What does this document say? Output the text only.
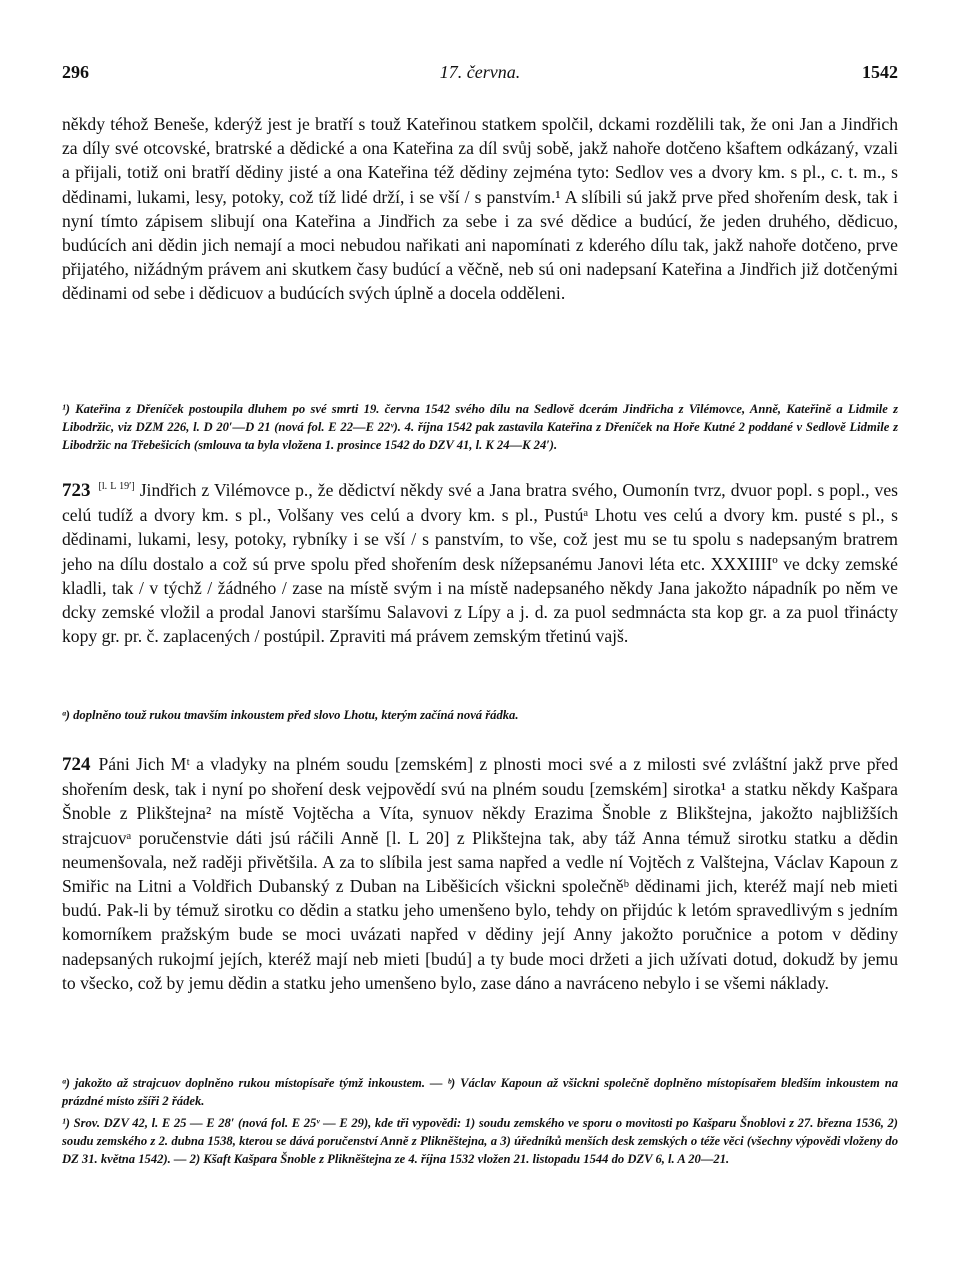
296	17. června.	1542

někdy téhož Beneše, kderýž jest je bratří s touž Kateřinou statkem spolčil, dckami rozdělili tak, že oni Jan a Jindřich za díly své otcovské, bratrské a dědické a ona Kateřina za díl svůj sobě, jakž nahoře dotčeno kšaftem odkázaný, vzali a přijali, totiž oni bratří dědiny jisté a ona Kateřina též dědiny zejména tyto: Sedlov ves a dvory km. s pl., c. t. m., s dědinami, lukami, lesy, potoky, což tíž lidé drží, i se vší / s panstvím.¹ A slíbili sú jakž prve před shořením desk, tak i nyní tímto zápisem slibují ona Kateřina a Jindřich za sebe i za své dědice a budúcí, že jeden druhého, dědicuo, budúcích ani dědin jich nemají a moci nebudou nařikati ani napomínati z kderého dílu tak, jakž nahoře dotčeno, prve přijatého, nižádným právem ani skutkem časy budúcí a věčně, neb sú oni nadepsaní Kateřina a Jindřich již dotčenými dědinami od sebe i dědicuov a budúcích svých úplně a docela odděleni.

¹) Kateřina z Dřeníček postoupila dluhem po své smrti 19. června 1542 svého dílu na Sedlově dcerám Jindřicha z Vilémovce, Anně, Kateřině a Lidmile z Libodržic, viz DZM 226, l. D 20′—D 21 (nová fol. E 22—E 22ᵛ). 4. října 1542 pak zastavila Kateřina z Dřeníček na Hoře Kutné 2 poddané v Sedlově Lidmile z Libodržic na Třebešicích (smlouva ta byla vložena 1. prosince 1542 do DZV 41, l. K 24—K 24′).

723 [l. L 19′] Jindřich z Vilémovce p., že dědictví někdy své a Jana bratra svého, Oumonín tvrz, dvuor popl. s popl., ves celú tudíž a dvory km. s pl., Volšany ves celú a dvory km. s pl., Pustúᵃ Lhotu ves celú a dvory km. pusté s pl., s dědinami, lukami, lesy, potoky, rybníky i se vší / s panstvím, to vše, což jest mu se tu spolu s nadepsaným bratrem jeho na dílu dostalo a což sú prve spolu před shořením desk nížepsanému Janovi léta etc. XXXIIIIº ve dcky zemské kladli, tak / v týchž / žádného / zase na místě svým i na místě nadepsaného někdy Jana jakožto nápadník po něm ve dcky zemské vložil a prodal Janovi staršímu Salavovi z Lípy a j. d. za puol sedmnácta sta kop gr. a za puol třinácty kopy gr. pr. č. zaplacených / postúpil. Zpraviti má právem zemským třetinú vajš.

ᵃ) doplněno touž rukou tmavším inkoustem před slovo Lhotu, kterým začíná nová řádka.

724 Páni Jich Mᵗ a vladyky na plném soudu [zemském] z plnosti moci své a z milosti své zvláštní jakž prve před shořením desk, tak i nyní po shoření desk vejpovědí svú na plném soudu [zemském] sirotka¹ a statku někdy Kašpara Šnoble z Plikštejna² na místě Vojtěcha a Víta, synuov někdy Erazima Šnoble z Blikštejna, jakožto najbližších strajcuovᵃ poručenstvie dáti jsú ráčili Anně [l. L 20] z Plikštejna tak, aby táž Anna témuž sirotku statku a dědin neumenšovala, než raději přivětšila. A za to slíbila jest sama napřed a vedle ní Vojtěch z Valštejna, Václav Kapoun z Smiřic na Litni a Voldřich Dubanský z Duban na Liběšicích všickni společněᵇ dědinami jich, kteréž mají neb mieti budú. Pak-li by témuž sirotku co dědin a statku jeho umenšeno bylo, tehdy on přijdúc k letóm spravedlivým s jedním komorníkem pražským bude se moci uvázati napřed v dědiny její Anny jakožto poručnice a potom v dědiny nadepsaných rukojmí jejích, kteréž mají neb mieti [budú] a ty bude moci držeti a jich užívati dotud, dokudž by jemu to všecko, což by jemu dědin a statku jeho umenšeno bylo, zase dáno a navráceno nebylo i se všemi náklady.

ᵃ) jakožto až strajcuov doplněno rukou místopísaře týmž inkoustem. — ᵇ) Václav Kapoun až všickni společně doplněno místopísařem bledším inkoustem na prázdné místo zšíři 2 řádek.

¹) Srov. DZV 42, l. E 25 — E 28′ (nová fol. E 25ᵛ — E 29), kde tři vypovědi: 1) soudu zemského ve sporu o movitosti po Kašparu Šnoblovi z 27. března 1536, 2) soudu zemského z 2. dubna 1538, kterou se dává poručenství Anně z Plikněštejna, a 3) úředníků menších desk zemských o téže věci (všechny výpovědi vloženy do DZ 31. května 1542). — 2) Kšaft Kašpara Šnoble z Plikněštejna ze 4. října 1532 vložen 21. listopadu 1544 do DZV 6, l. A 20—21.
